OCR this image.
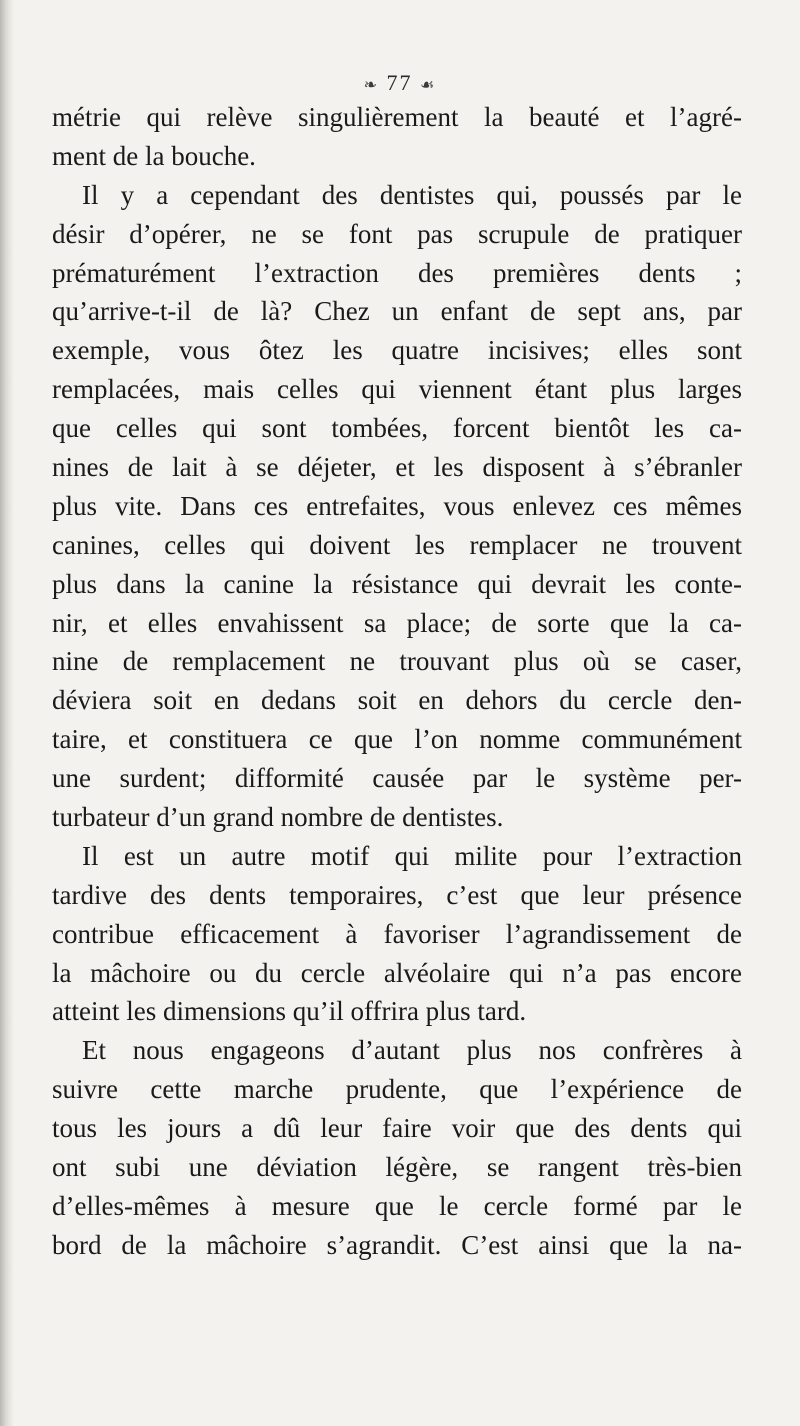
❧ 77 ☙
métrie qui relève singulièrement la beauté et l’agré-
ment de la bouche.
Il y a cependant des dentistes qui, poussés par le
désir d’opérer, ne se font pas scrupule de pratiquer
prématurément l’extraction des premières dents ;
qu’arrive-t-il de là? Chez un enfant de sept ans, par
exemple, vous ôtez les quatre incisives; elles sont
remplacées, mais celles qui viennent étant plus larges
que celles qui sont tombées, forcent bientôt les ca-
nines de lait à se déjeter, et les disposent à s’ébranler
plus vite. Dans ces entrefaites, vous enlevez ces mêmes
canines, celles qui doivent les remplacer ne trouvent
plus dans la canine la résistance qui devrait les conte-
nir, et elles envahissent sa place; de sorte que la ca-
nine de remplacement ne trouvant plus où se caser,
déviera soit en dedans soit en dehors du cercle den-
taire, et constituera ce que l’on nomme communément
une surdent; difformité causée par le système per-
turbateur d’un grand nombre de dentistes.
Il est un autre motif qui milite pour l’extraction
tardive des dents temporaires, c’est que leur présence
contribue efficacement à favoriser l’agrandissement de
la mâchoire ou du cercle alvéolaire qui n’a pas encore
atteint les dimensions qu’il offrira plus tard.
Et nous engageons d’autant plus nos confrères à
suivre cette marche prudente, que l’expérience de
tous les jours a dû leur faire voir que des dents qui
ont subi une déviation légère, se rangent très-bien
d’elles-mêmes à mesure que le cercle formé par le
bord de la mâchoire s’agrandit. C’est ainsi que la na-
